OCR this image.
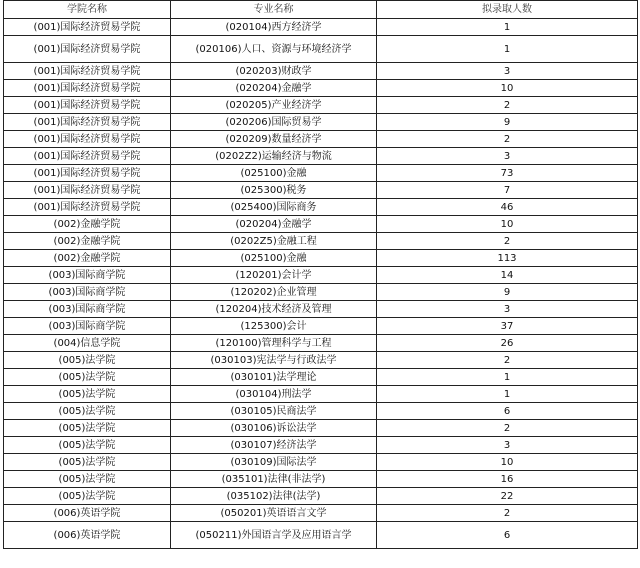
学院名称	专业名称	拟录取人数
(001)国际经济贸易学院	(020104)西方经济学	1
(001)国际经济贸易学院	(020106)人口、资源与环境经济学	1
(001)国际经济贸易学院	(020203)财政学	3
(001)国际经济贸易学院	(020204)金融学	10
(001)国际经济贸易学院	(020205)产业经济学	2
(001)国际经济贸易学院	(020206)国际贸易学	9
(001)国际经济贸易学院	(020209)数量经济学	2
(001)国际经济贸易学院	(0202Z2)运输经济与物流	3
(001)国际经济贸易学院	(025100)金融	73
(001)国际经济贸易学院	(025300)税务	7
(001)国际经济贸易学院	(025400)国际商务	46
(002)金融学院	(020204)金融学	10
(002)金融学院	(0202Z5)金融工程	2
(002)金融学院	(025100)金融	113
(003)国际商学院	(120201)会计学	14
(003)国际商学院	(120202)企业管理	9
(003)国际商学院	(120204)技术经济及管理	3
(003)国际商学院	(125300)会计	37
(004)信息学院	(120100)管理科学与工程	26
(005)法学院	(030103)宪法学与行政法学	2
(005)法学院	(030101)法学理论	1
(005)法学院	(030104)刑法学	1
(005)法学院	(030105)民商法学	6
(005)法学院	(030106)诉讼法学	2
(005)法学院	(030107)经济法学	3
(005)法学院	(030109)国际法学	10
(005)法学院	(035101)法律(非法学)	16
(005)法学院	(035102)法律(法学)	22
(006)英语学院	(050201)英语语言文学	2
(006)英语学院	(050211)外国语言学及应用语言学	6
